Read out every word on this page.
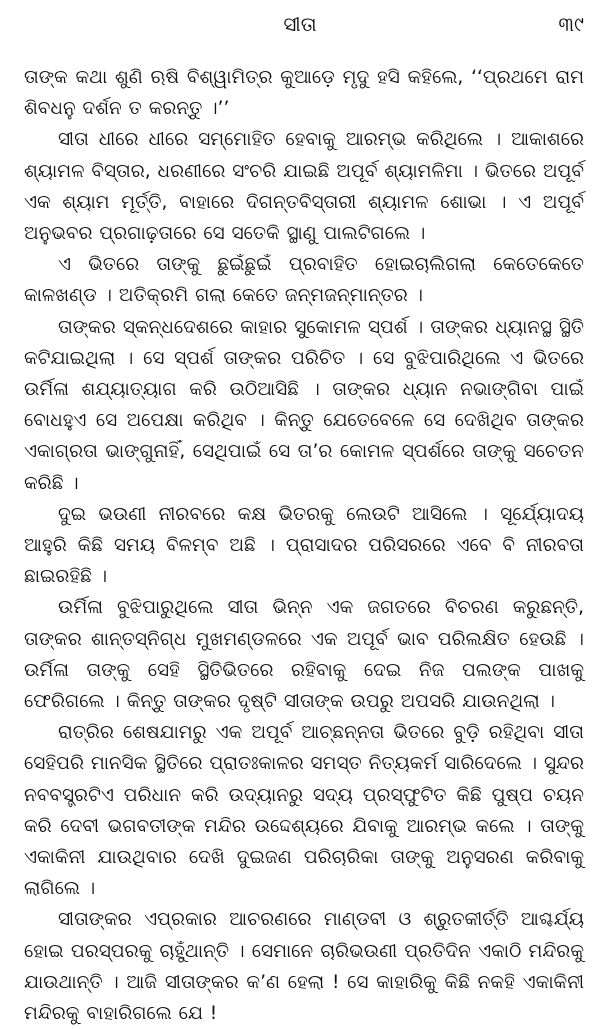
ସୀତା	୩୯

ତାଙ୍କ କଥା ଶୁଣି ଋଷି ବିଶ୍ୱାମିତ୍ର କୁଆଡ଼େ ମୃଦୁ ହସି କହିଲେ, ‘‘ପ୍ରଥମେ ରାମ ଶିବଧନୁ ଦର୍ଶନ ତ କରନ୍ତୁ ।’’

ସୀତା ଧୀରେ ଧୀରେ ସମ୍ମୋହିତ ହେବାକୁ ଆରମ୍ଭ କରିଥିଲେ । ଆକାଶରେ ଶ୍ୟାମଳ ବିସ୍ତାର, ଧରଣୀରେ ସଂଚରି ଯାଇଛି ଅପୂର୍ବ ଶ୍ୟାମଳିମା । ଭିତରେ ଅପୂର୍ବ ଏକ ଶ୍ୟାମ ମୂର୍ତ୍ତି, ବାହାରେ ଦିଗନ୍ତବିସ୍ତାରୀ ଶ୍ୟାମଳ ଶୋଭା । ଏ ଅପୂର୍ବ ଅନୁଭବର ପ୍ରଗାଢ଼ତାରେ ସେ ସତେକି ସ୍ଥାଣୁ ପାଲଟିଗଲେ ।

ଏ ଭିତରେ ତାଙ୍କୁ ଛୁଇଁଛୁଇଁ ପ୍ରବାହିତ ହୋଇଚାଲିଗଲା କେତେକେତେ କାଳଖଣ୍ଡ । ଅତିକ୍ରମି ଗଲା କେତେ ଜନ୍ମଜନ୍ମାନ୍ତର ।

ତାଙ୍କର ସ୍କନ୍ଧଦେଶରେ କାହାର ସୁକୋମଳ ସ୍ପର୍ଶ । ତାଙ୍କର ଧ୍ୟାନସ୍ଥ ସ୍ଥିତି କଟିଯାଇଥିଲା । ସେ ସ୍ପର୍ଶ ତାଙ୍କର ପରିଚିତ । ସେ ବୁଝିପାରିଥିଲେ ଏ ଭିତରେ ଉର୍ମିଳା ଶଯ୍ୟାତ୍ୟାଗ କରି ଉଠିଆସିଛି । ତାଙ୍କର ଧ୍ୟାନ ନଭାଙ୍ଗିବା ପାଇଁ ବୋଧହୁଏ ସେ ଅପେକ୍ଷା କରିଥିବ । କିନ୍ତୁ ଯେତେବେଳେ ସେ ଦେଖିଥିବ ତାଙ୍କର ଏକାଗ୍ରତା ଭାଙ୍ଗୁନାହିଁ, ସେଥିପାଇଁ ସେ ତା’ର କୋମଳ ସ୍ପର୍ଶରେ ତାଙ୍କୁ ସଚେତନ କରିଛି ।

ଦୁଇ ଭଉଣୀ ନୀରବରେ କକ୍ଷ ଭିତରକୁ ଲେଉଟି ଆସିଲେ । ସୂର୍ଯ୍ୟୋଦୟ ଆହୁରି କିଛି ସମୟ ବିଳମ୍ବ ଅଛି । ପ୍ରାସାଦର ପରିସରରେ ଏବେ ବି ନୀରବତା ଛାଇରହିଛି ।

ଉର୍ମିଳା ବୁଝିପାରୁଥିଲେ ସୀତା ଭିନ୍ନ ଏକ ଜଗତରେ ବିଚରଣ କରୁଛନ୍ତି, ତାଙ୍କର ଶାନ୍ତସ୍ନିଗ୍ଧ ମୁଖମଣ୍ଡଳରେ ଏକ ଅପୂର୍ବ ଭାବ ପରିଲକ୍ଷିତ ହେଉଛି । ଉର୍ମିଳା ତାଙ୍କୁ ସେହି ସ୍ଥିତିଭିତରେ ରହିବାକୁ ଦେଇ ନିଜ ପଲଙ୍କ ପାଖକୁ ଫେରିଗଲେ । କିନ୍ତୁ ତାଙ୍କର ଦୃଷ୍ଟି ସୀତାଙ୍କ ଉପରୁ ଅପସରି ଯାଉନଥିଲା ।

ରାତ୍ରିର ଶେଷଯାମରୁ ଏକ ଅପୂର୍ବ ଆଚ୍ଛନ୍ନତା ଭିତରେ ବୁଡ଼ି ରହିଥିବା ସୀତା ସେହିପରି ମାନସିକ ସ୍ଥିତିରେ ପ୍ରାତଃକାଳର ସମସ୍ତ ନିତ୍ୟକର୍ମ ସାରିଦେଲେ । ସୁନ୍ଦର ନବବସ୍ତ୍ରଟିଏ ପରିଧାନ କରି ଉଦ୍ୟାନରୁ ସଦ୍ୟ ପ୍ରସ୍ଫୁଟିତ କିଛି ପୁଷ୍ପ ଚୟନ କରି ଦେବୀ ଭଗବତୀଙ୍କ ମନ୍ଦିର ଉଦ୍ଦେଶ୍ୟରେ ଯିବାକୁ ଆରମ୍ଭ କଲେ । ତାଙ୍କୁ ଏକାକିନୀ ଯାଉଥିବାର ଦେଖି ଦୁଇଜଣ ପରିଚାରିକା ତାଙ୍କୁ ଅନୁସରଣ କରିବାକୁ ଲାଗିଲେ ।

ସୀତାଙ୍କର ଏପ୍ରକାର ଆଚରଣରେ ମାଣ୍ଡବୀ ଓ ଶ୍ରୁତକୀର୍ତ୍ତି ଆଶ୍ଚର୍ଯ୍ୟ ହୋଇ ପରସ୍ପରକୁ ଚାହୁଁଥାନ୍ତି । ସେମାନେ ଚାରିଭଉଣୀ ପ୍ରତିଦିନ ଏକାଠି ମନ୍ଦିରକୁ ଯାଉଥାନ୍ତି । ଆଜି ସୀତାଙ୍କର କ’ଣ ହେଲା ! ସେ କାହାରିକୁ କିଛି ନକହି ଏକାକିନୀ ମନ୍ଦିରକୁ ବାହାରିଗଲେ ଯେ !
